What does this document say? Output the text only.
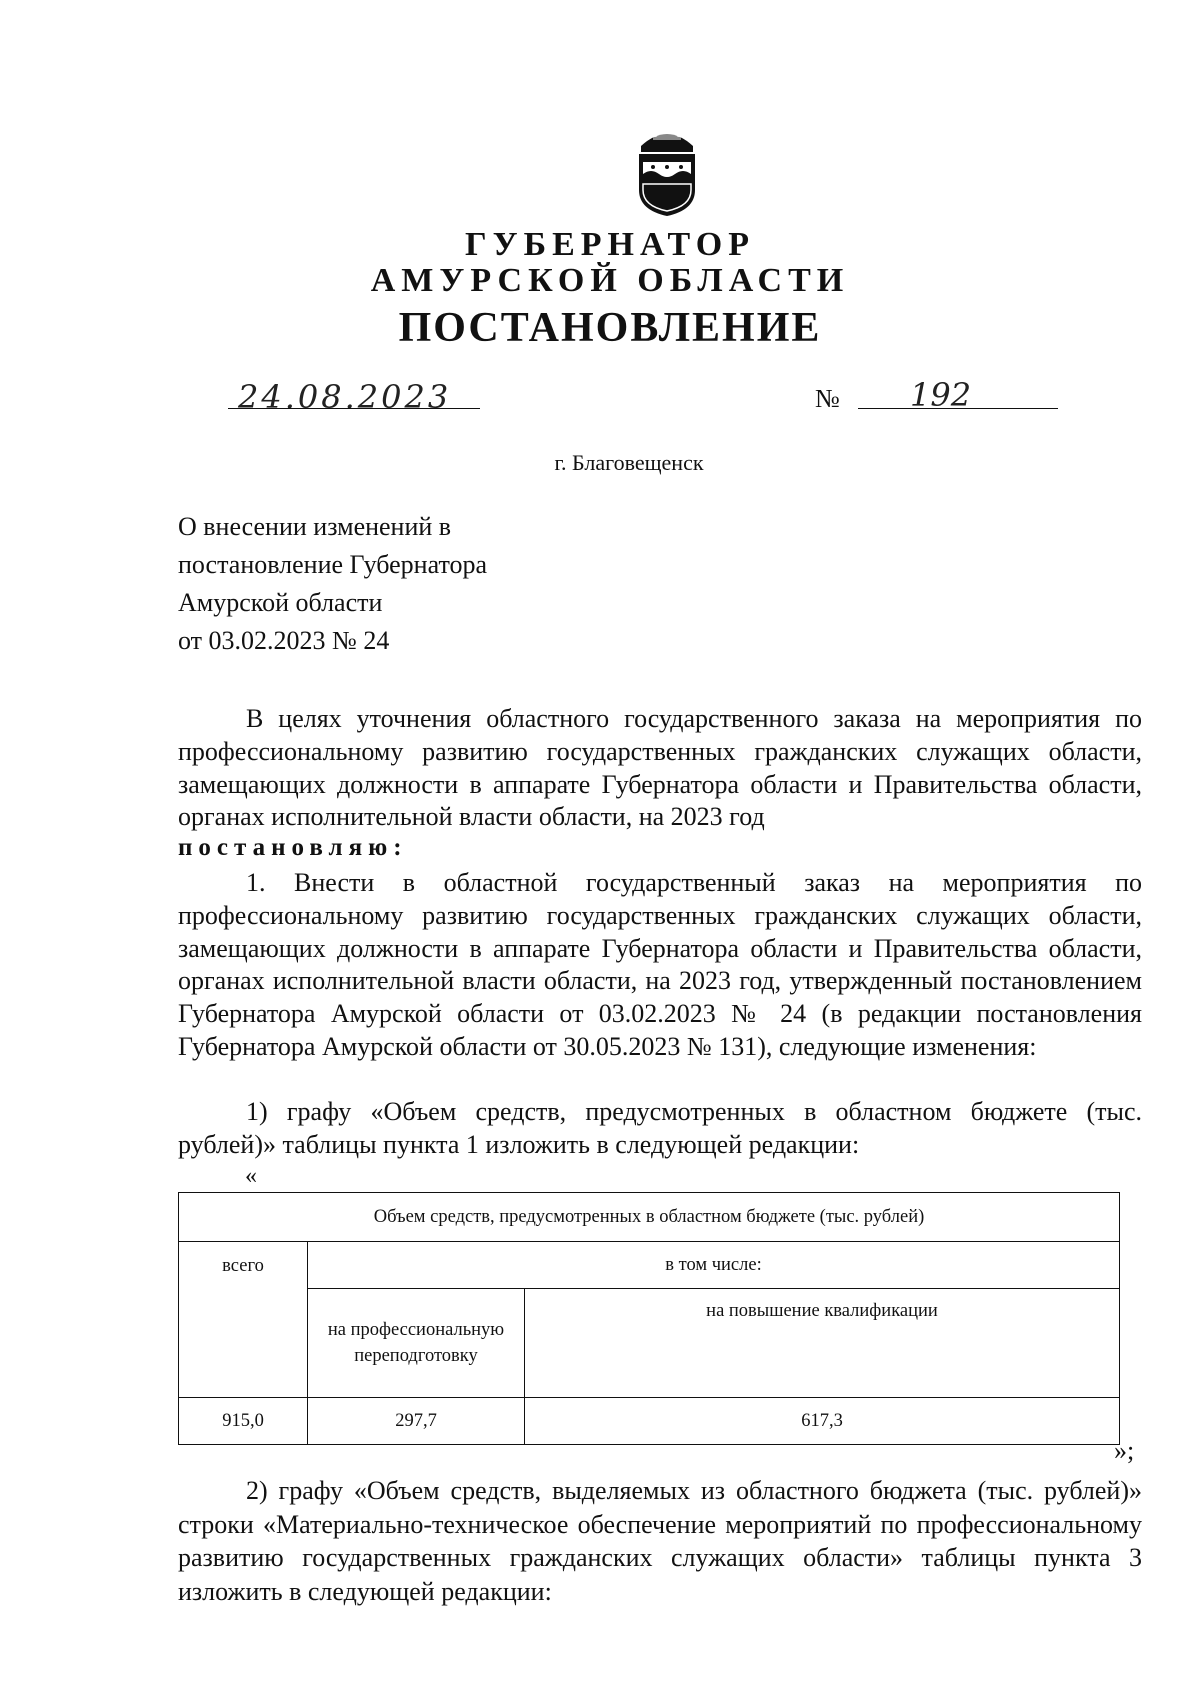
ГУБЕРНАТОР
АМУРСКОЙ ОБЛАСТИ
ПОСТАНОВЛЕНИЕ
24.08.2023	№ 192
г. Благовещенск
О внесении изменений в
постановление Губернатора
Амурской области
от 03.02.2023 № 24
В целях уточнения областного государственного заказа на мероприятия по профессиональному развитию государственных гражданских служащих области, замещающих должности в аппарате Губернатора области и Правительства области, органах исполнительной власти области, на 2023 год
постановляю:
1. Внести в областной государственный заказ на мероприятия по профессиональному развитию государственных гражданских служащих области, замещающих должности в аппарате Губернатора области и Правительства области, органах исполнительной власти области, на 2023 год, утвержденный постановлением Губернатора Амурской области от 03.02.2023 № 24 (в редакции постановления Губернатора Амурской области от 30.05.2023 № 131), следующие изменения:
1) графу «Объем средств, предусмотренных в областном бюджете (тыс. рублей)» таблицы пункта 1 изложить в следующей редакции:
«
Объем средств, предусмотренных в областном бюджете (тыс. рублей)		
всего	в том числе:	
	на профессиональную переподготовку	на повышение квалификации
915,0	297,7	617,3
»;
2) графу «Объем средств, выделяемых из областного бюджета (тыс. рублей)» строки «Материально-техническое обеспечение мероприятий по профессиональному развитию государственных гражданских служащих области» таблицы пункта 3 изложить в следующей редакции:
